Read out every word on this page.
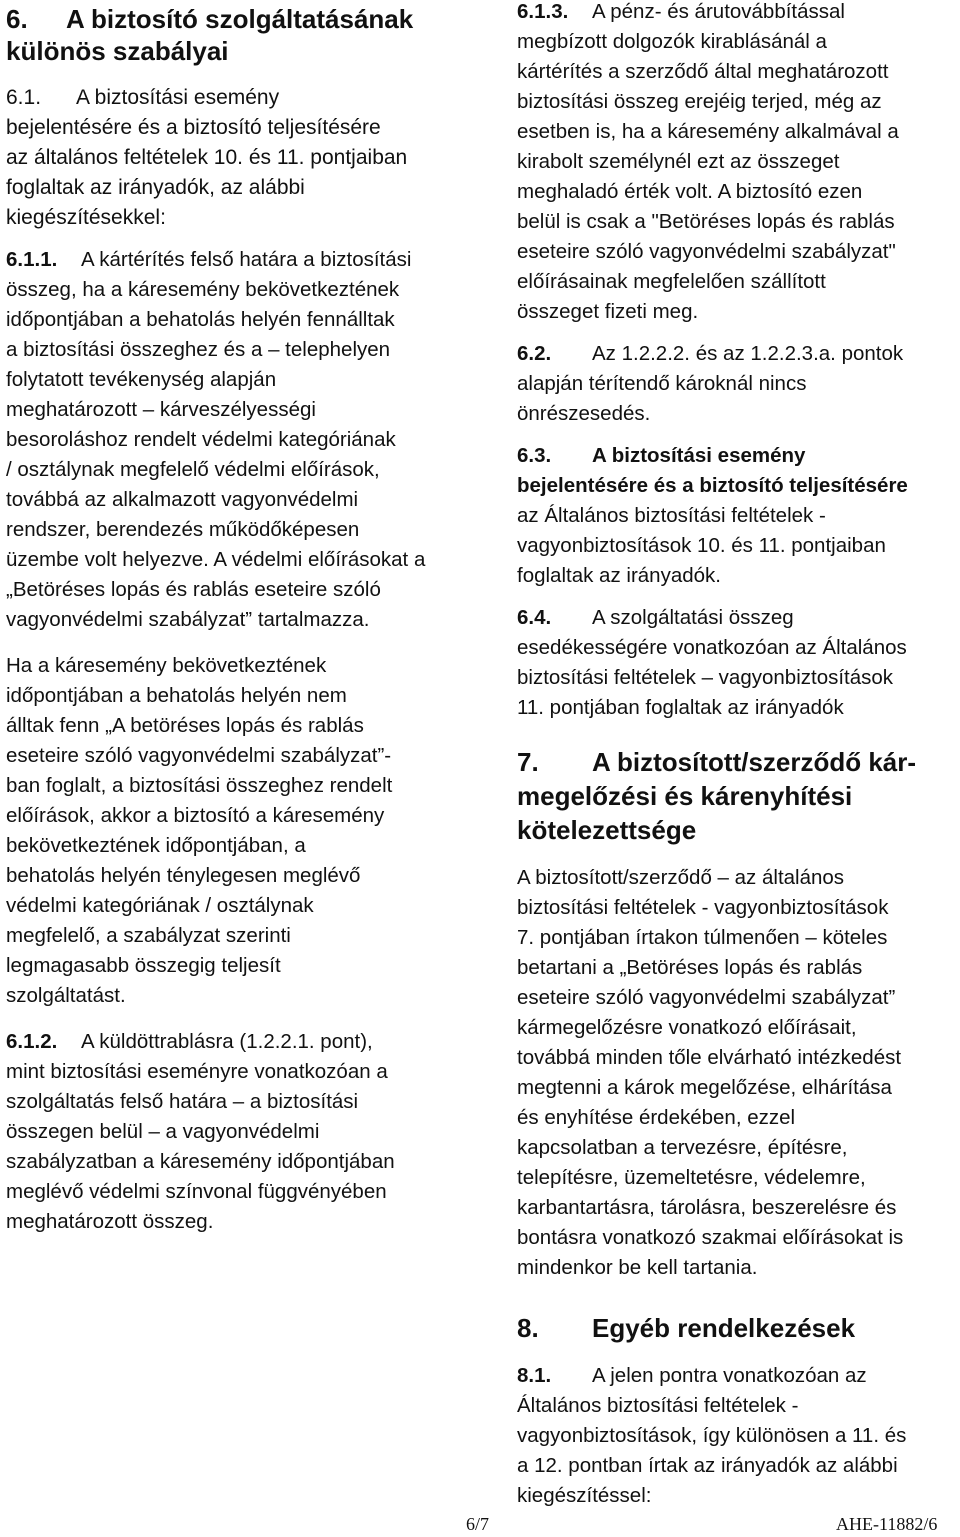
6. A biztosító szolgáltatásának

különös szabályai

6.1. A biztosítási esemény

bejelentésére és a biztosító teljesítésére

az általános feltételek 10. és 11. pontjaiban

foglaltak az irányadók, az alábbi

kiegészítésekkel:

6.1.1. A kártérítés felső határa a biztosítási

összeg, ha a káresemény bekövetkeztének

időpontjában a behatolás helyén fennálltak

a biztosítási összeghez és a – telephelyen

folytatott tevékenység alapján

meghatározott – kárveszélyességi

besoroláshoz rendelt védelmi kategóriának

/ osztálynak megfelelő védelmi előírások,

továbbá az alkalmazott vagyonvédelmi

rendszer, berendezés működőképesen

üzembe volt helyezve. A védelmi előírásokat a

„Betöréses lopás és rablás eseteire szóló

vagyonvédelmi szabályzat” tartalmazza.

Ha a káresemény bekövetkeztének

időpontjában a behatolás helyén nem

álltak fenn „A betöréses lopás és rablás

eseteire szóló vagyonvédelmi szabályzat”-

ban foglalt, a biztosítási összeghez rendelt

előírások, akkor a biztosító a káresemény

bekövetkeztének időpontjában, a

behatolás helyén ténylegesen meglévő

védelmi kategóriának / osztálynak

megfelelő, a szabályzat szerinti

legmagasabb összegig teljesít

szolgáltatást.

6.1.2. A küldöttrablásra (1.2.2.1. pont),

mint biztosítási eseményre vonatkozóan a

szolgáltatás felső határa – a biztosítási

összegen belül – a vagyonvédelmi

szabályzatban a káresemény időpontjában

meglévő védelmi színvonal függvényében

meghatározott összeg.

6.1.3. A pénz- és árutovábbítással

megbízott dolgozók kirablásánál a

kártérítés a szerződő által meghatározott

biztosítási összeg erejéig terjed, még az

esetben is, ha a káresemény alkalmával a

kirabolt személynél ezt az összeget

meghaladó érték volt. A biztosító ezen

belül is csak a "Betöréses lopás és rablás

eseteire szóló vagyonvédelmi szabályzat"

előírásainak megfelelően szállított

összeget fizeti meg.

6.2. Az 1.2.2.2. és az 1.2.2.3.a. pontok

alapján térítendő károknál nincs

önrészesedés.

6.3. A biztosítási esemény

bejelentésére és a biztosító teljesítésére

az Általános biztosítási feltételek -

vagyonbiztosítások 10. és 11. pontjaiban

foglaltak az irányadók.

6.4. A szolgáltatási összeg

esedékességére vonatkozóan az Általános

biztosítási feltételek – vagyonbiztosítások

11. pontjában foglaltak az irányadók

7. A biztosított/szerződő kár-

megelőzési és kárenyhítési

kötelezettsége

A biztosított/szerződő – az általános

biztosítási feltételek - vagyonbiztosítások

7. pontjában írtakon túlmenően – köteles

betartani a „Betöréses lopás és rablás

eseteire szóló vagyonvédelmi szabályzat”

kármegelőzésre vonatkozó előírásait,

továbbá minden tőle elvárható intézkedést

megtenni a károk megelőzése, elhárítása

és enyhítése érdekében, ezzel

kapcsolatban a tervezésre, építésre,

telepítésre, üzemeltetésre, védelemre,

karbantartásra, tárolásra, beszerelésre és

bontásra vonatkozó szakmai előírásokat is

mindenkor be kell tartania.

8. Egyéb rendelkezések

8.1. A jelen pontra vonatkozóan az

Általános biztosítási feltételek -

vagyonbiztosítások, így különösen a 11. és

a 12. pontban írtak az irányadók az alábbi

kiegészítéssel:

6/7	AHE-11882/6
